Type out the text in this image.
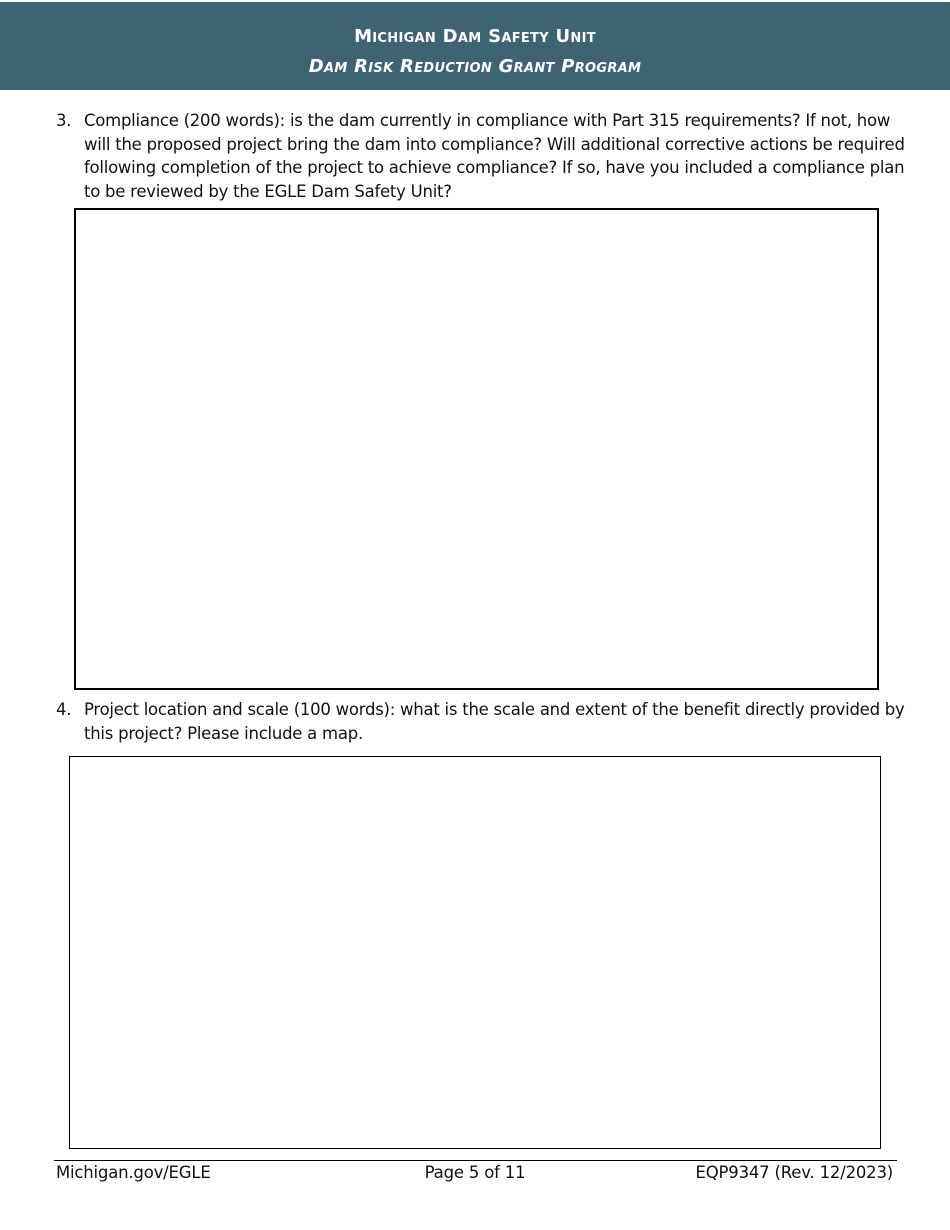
Michigan Dam Safety Unit
Dam Risk Reduction Grant Program
3. Compliance (200 words): is the dam currently in compliance with Part 315 requirements? If not, how will the proposed project bring the dam into compliance? Will additional corrective actions be required following completion of the project to achieve compliance? If so, have you included a compliance plan to be reviewed by the EGLE Dam Safety Unit?
4. Project location and scale (100 words): what is the scale and extent of the benefit directly provided by this project? Please include a map.
Michigan.gov/EGLE	Page 5 of 11	EQP9347 (Rev. 12/2023)
